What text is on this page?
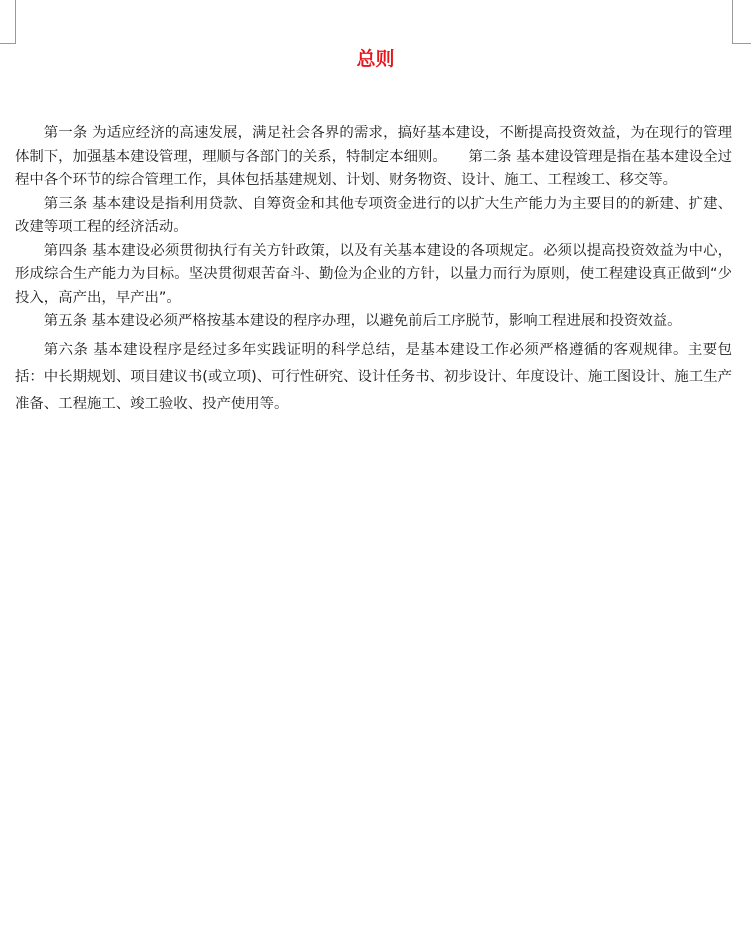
总则

第一条 为适应经济的高速发展，满足社会各界的需求，搞好基本建设，不断提高投资效益，为在现行的管理体制下，加强基本建设管理，理顺与各部门的关系，特制定本细则。　　第二条 基本建设管理是指在基本建设全过程中各个环节的综合管理工作，具体包括基建规划、计划、财务物资、设计、施工、工程竣工、移交等。

第三条 基本建设是指利用贷款、自筹资金和其他专项资金进行的以扩大生产能力为主要目的的新建、扩建、改建等项工程的经济活动。

第四条 基本建设必须贯彻执行有关方针政策，以及有关基本建设的各项规定。必须以提高投资效益为中心，形成综合生产能力为目标。坚决贯彻艰苦奋斗、勤俭为企业的方针，以量力而行为原则，使工程建设真正做到“少投入，高产出，早产出”。

第五条 基本建设必须严格按基本建设的程序办理，以避免前后工序脱节，影响工程进展和投资效益。

第六条 基本建设程序是经过多年实践证明的科学总结，是基本建设工作必须严格遵循的客观规律。主要包括：中长期规划、项目建议书(或立项)、可行性研究、设计任务书、初步设计、年度设计、施工图设计、施工生产准备、工程施工、竣工验收、投产使用等。
